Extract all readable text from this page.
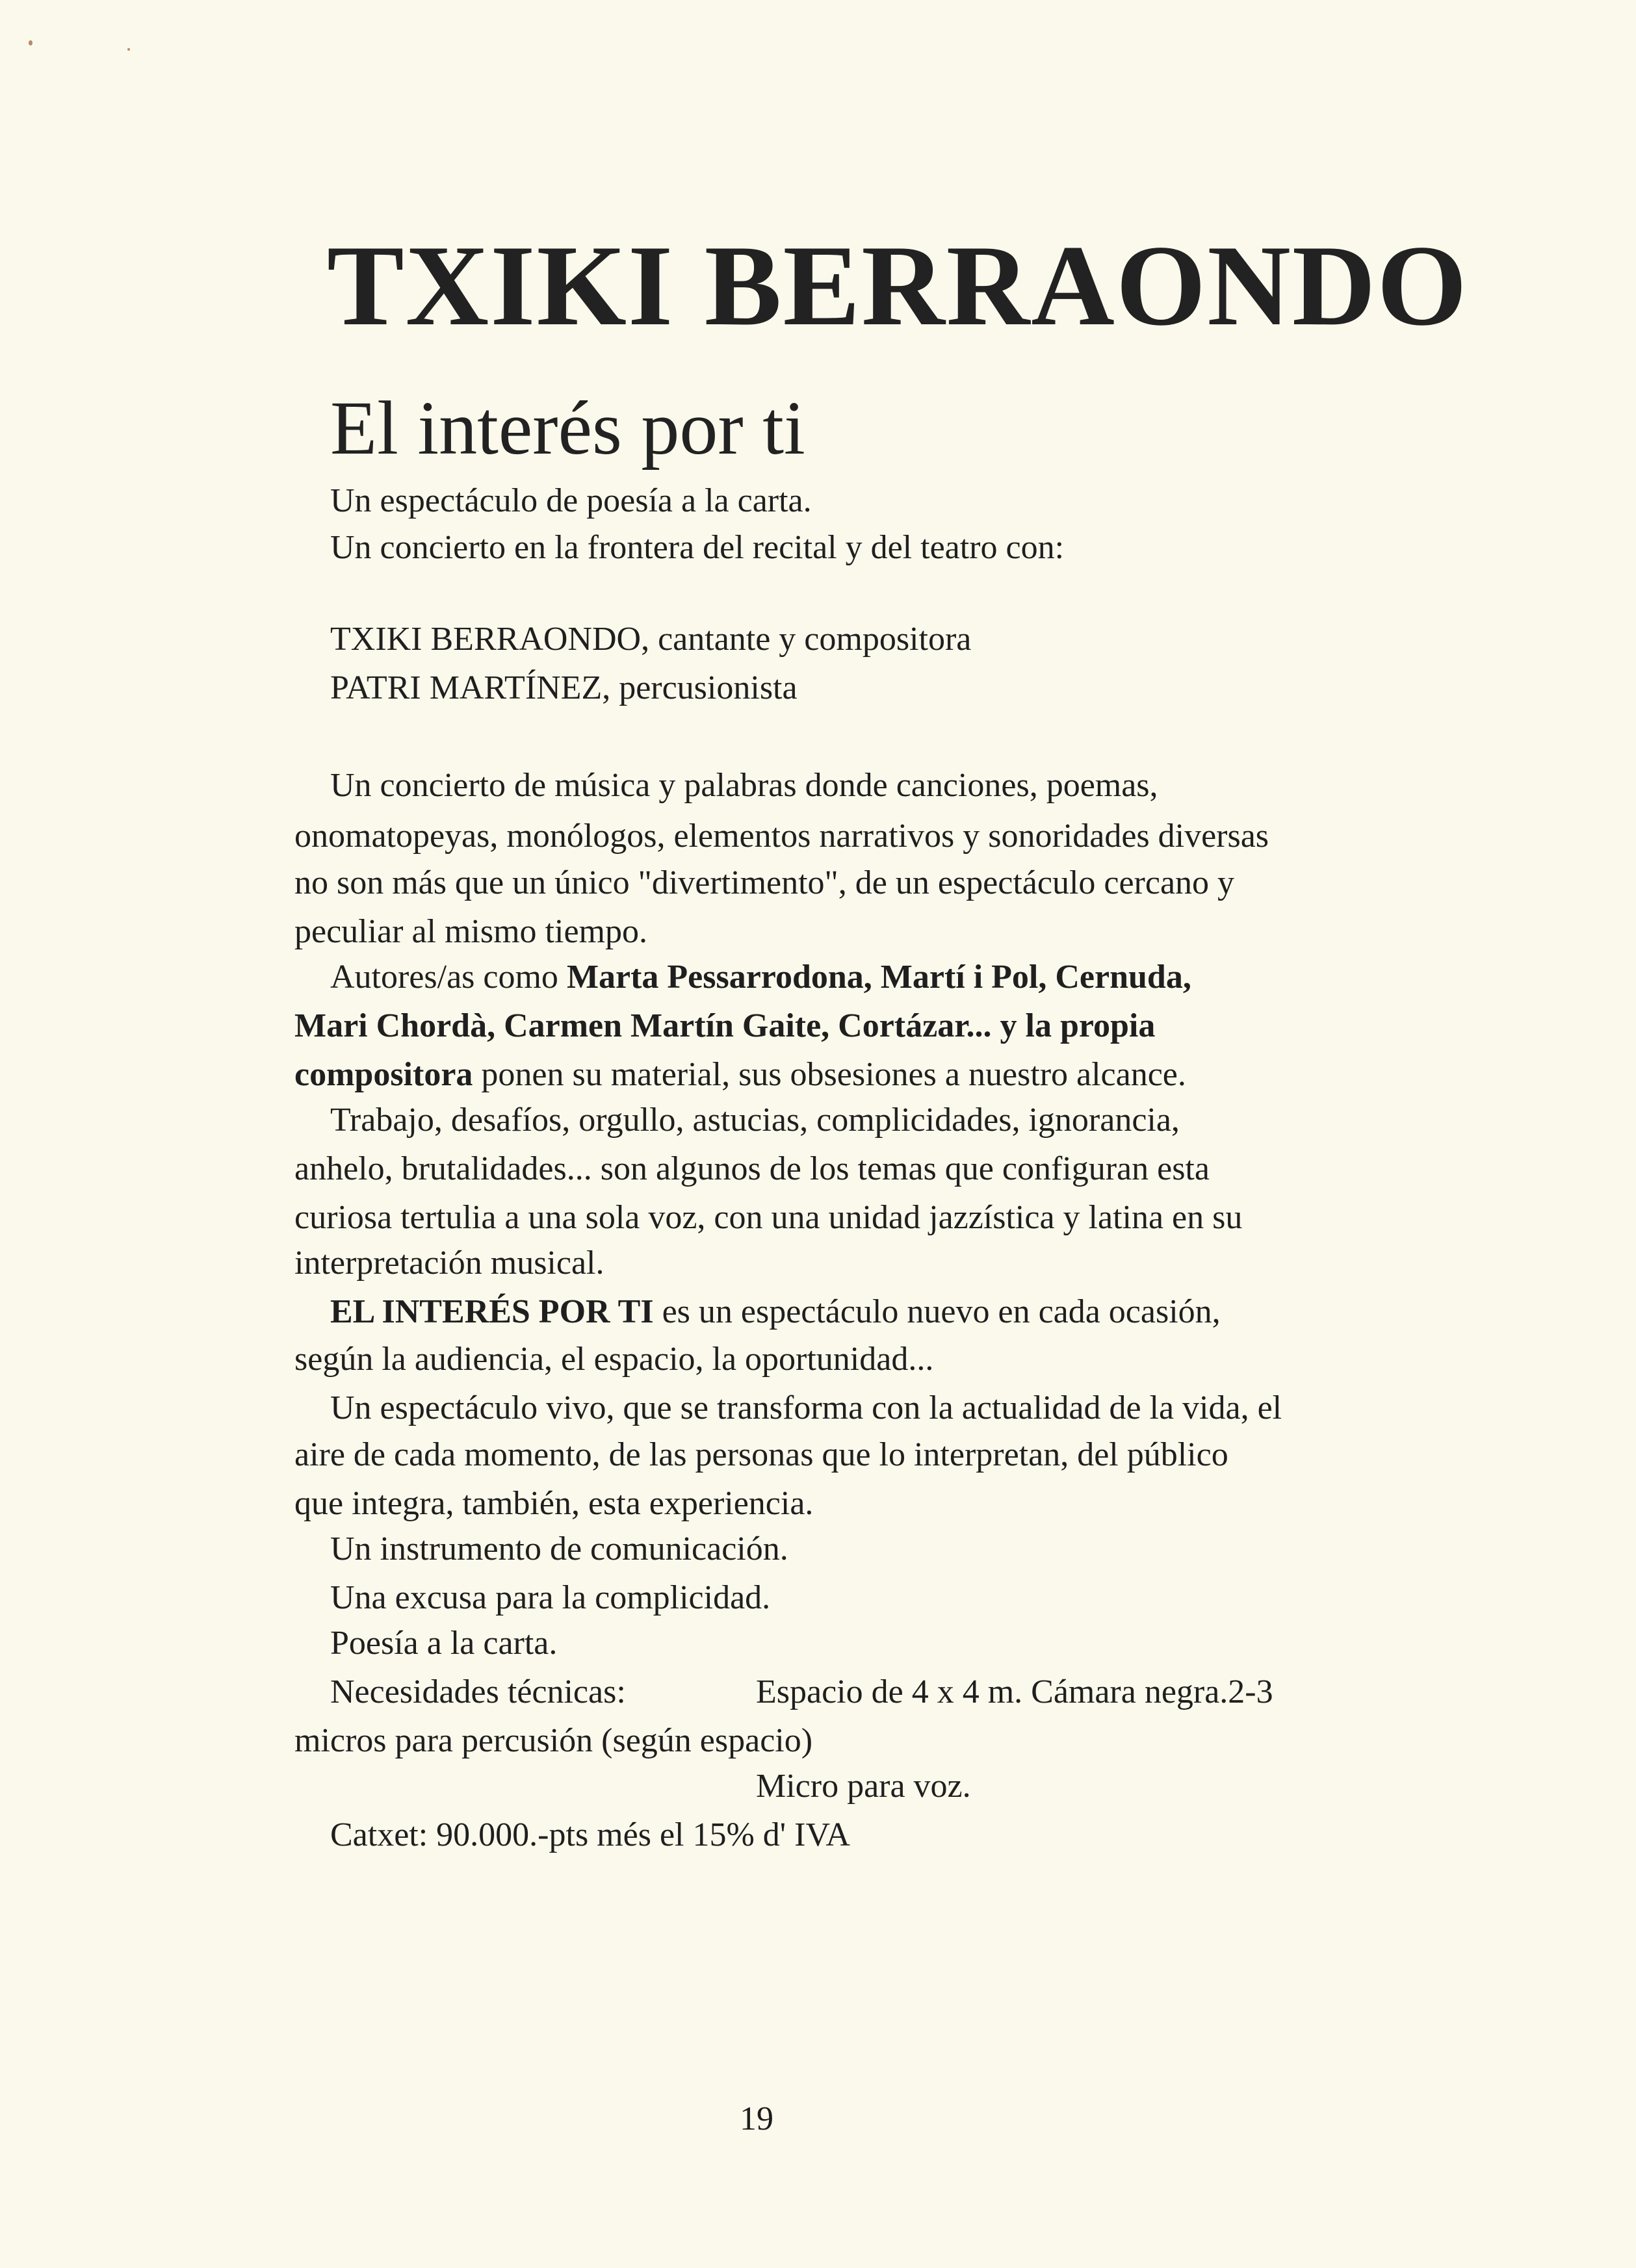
TXIKI BERRAONDO
El interés por ti
Un espectáculo de poesía a la carta.
Un concierto en la frontera del recital y del teatro con:
TXIKI BERRAONDO, cantante y compositora
PATRI MARTÍNEZ, percusionista
Un concierto de música y palabras donde canciones, poemas,
onomatopeyas, monólogos, elementos narrativos y sonoridades diversas
no son más que un único "divertimento", de un espectáculo cercano y
peculiar al mismo tiempo.
Autores/as como Marta Pessarrodona, Martí i Pol, Cernuda,
Mari Chordà, Carmen Martín Gaite, Cortázar... y la propia
compositora ponen su material, sus obsesiones a nuestro alcance.
Trabajo, desafíos, orgullo, astucias, complicidades, ignorancia,
anhelo, brutalidades... son algunos de los temas que configuran esta
curiosa tertulia a una sola voz, con una unidad jazzística y latina en su
interpretación musical.
EL INTERÉS POR TI es un espectáculo nuevo en cada ocasión,
según la audiencia, el espacio, la oportunidad...
Un espectáculo vivo, que se transforma con la actualidad de la vida, el
aire de cada momento, de las personas que lo interpretan, del público
que integra, también, esta experiencia.
Un instrumento de comunicación.
Una excusa para la complicidad.
Poesía a la carta.
Necesidades técnicas:	Espacio de 4 x 4 m. Cámara negra.2-3
micros para percusión (según espacio)
Micro para voz.
Catxet: 90.000.-pts més el 15% d' IVA
19
